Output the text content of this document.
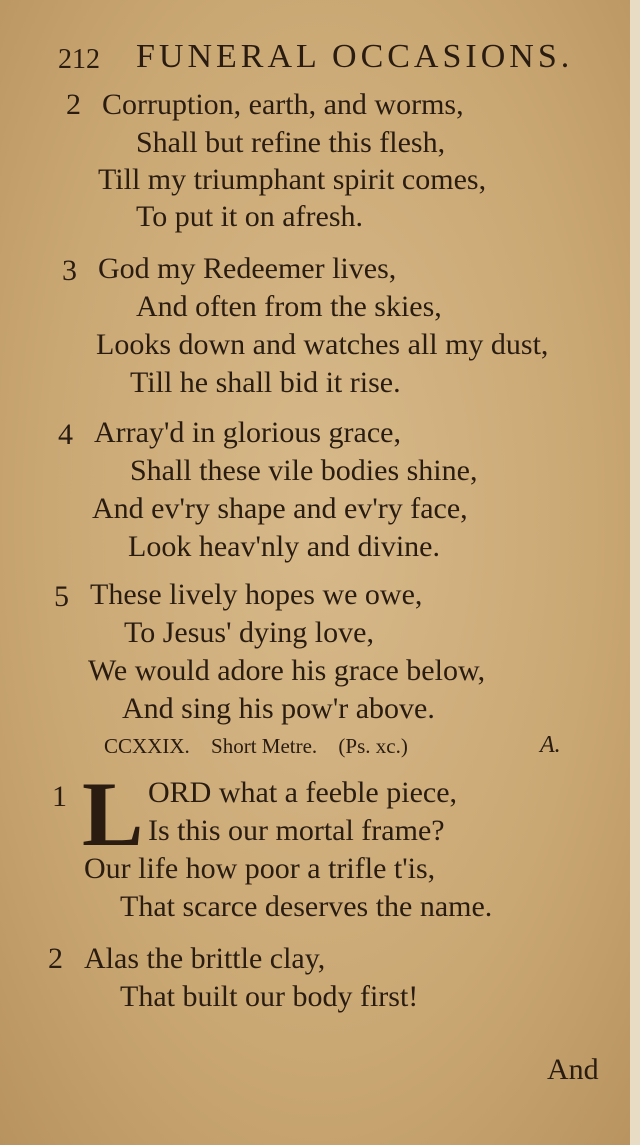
212 FUNERAL OCCASIONS.
2 Corruption, earth, and worms,
Shall but refine this flesh,
Till my triumphant spirit comes,
To put it on afresh.
3 God my Redeemer lives,
And often from the skies,
Looks down and watches all my dust,
Till he shall bid it rise.
4 Array'd in glorious grace,
Shall these vile bodies shine,
And ev'ry shape and ev'ry face,
Look heav'nly and divine.
5 These lively hopes we owe,
To Jesus' dying love,
We would adore his grace below,
And sing his pow'r above.
CCXXIX. Short Metre. (Ps. xc.)	A.
1 L ORD what a feeble piece,
Is this our mortal frame?
Our life how poor a trifle t'is,
That scarce deserves the name.
2 Alas the brittle clay,
That built our body first!
And
